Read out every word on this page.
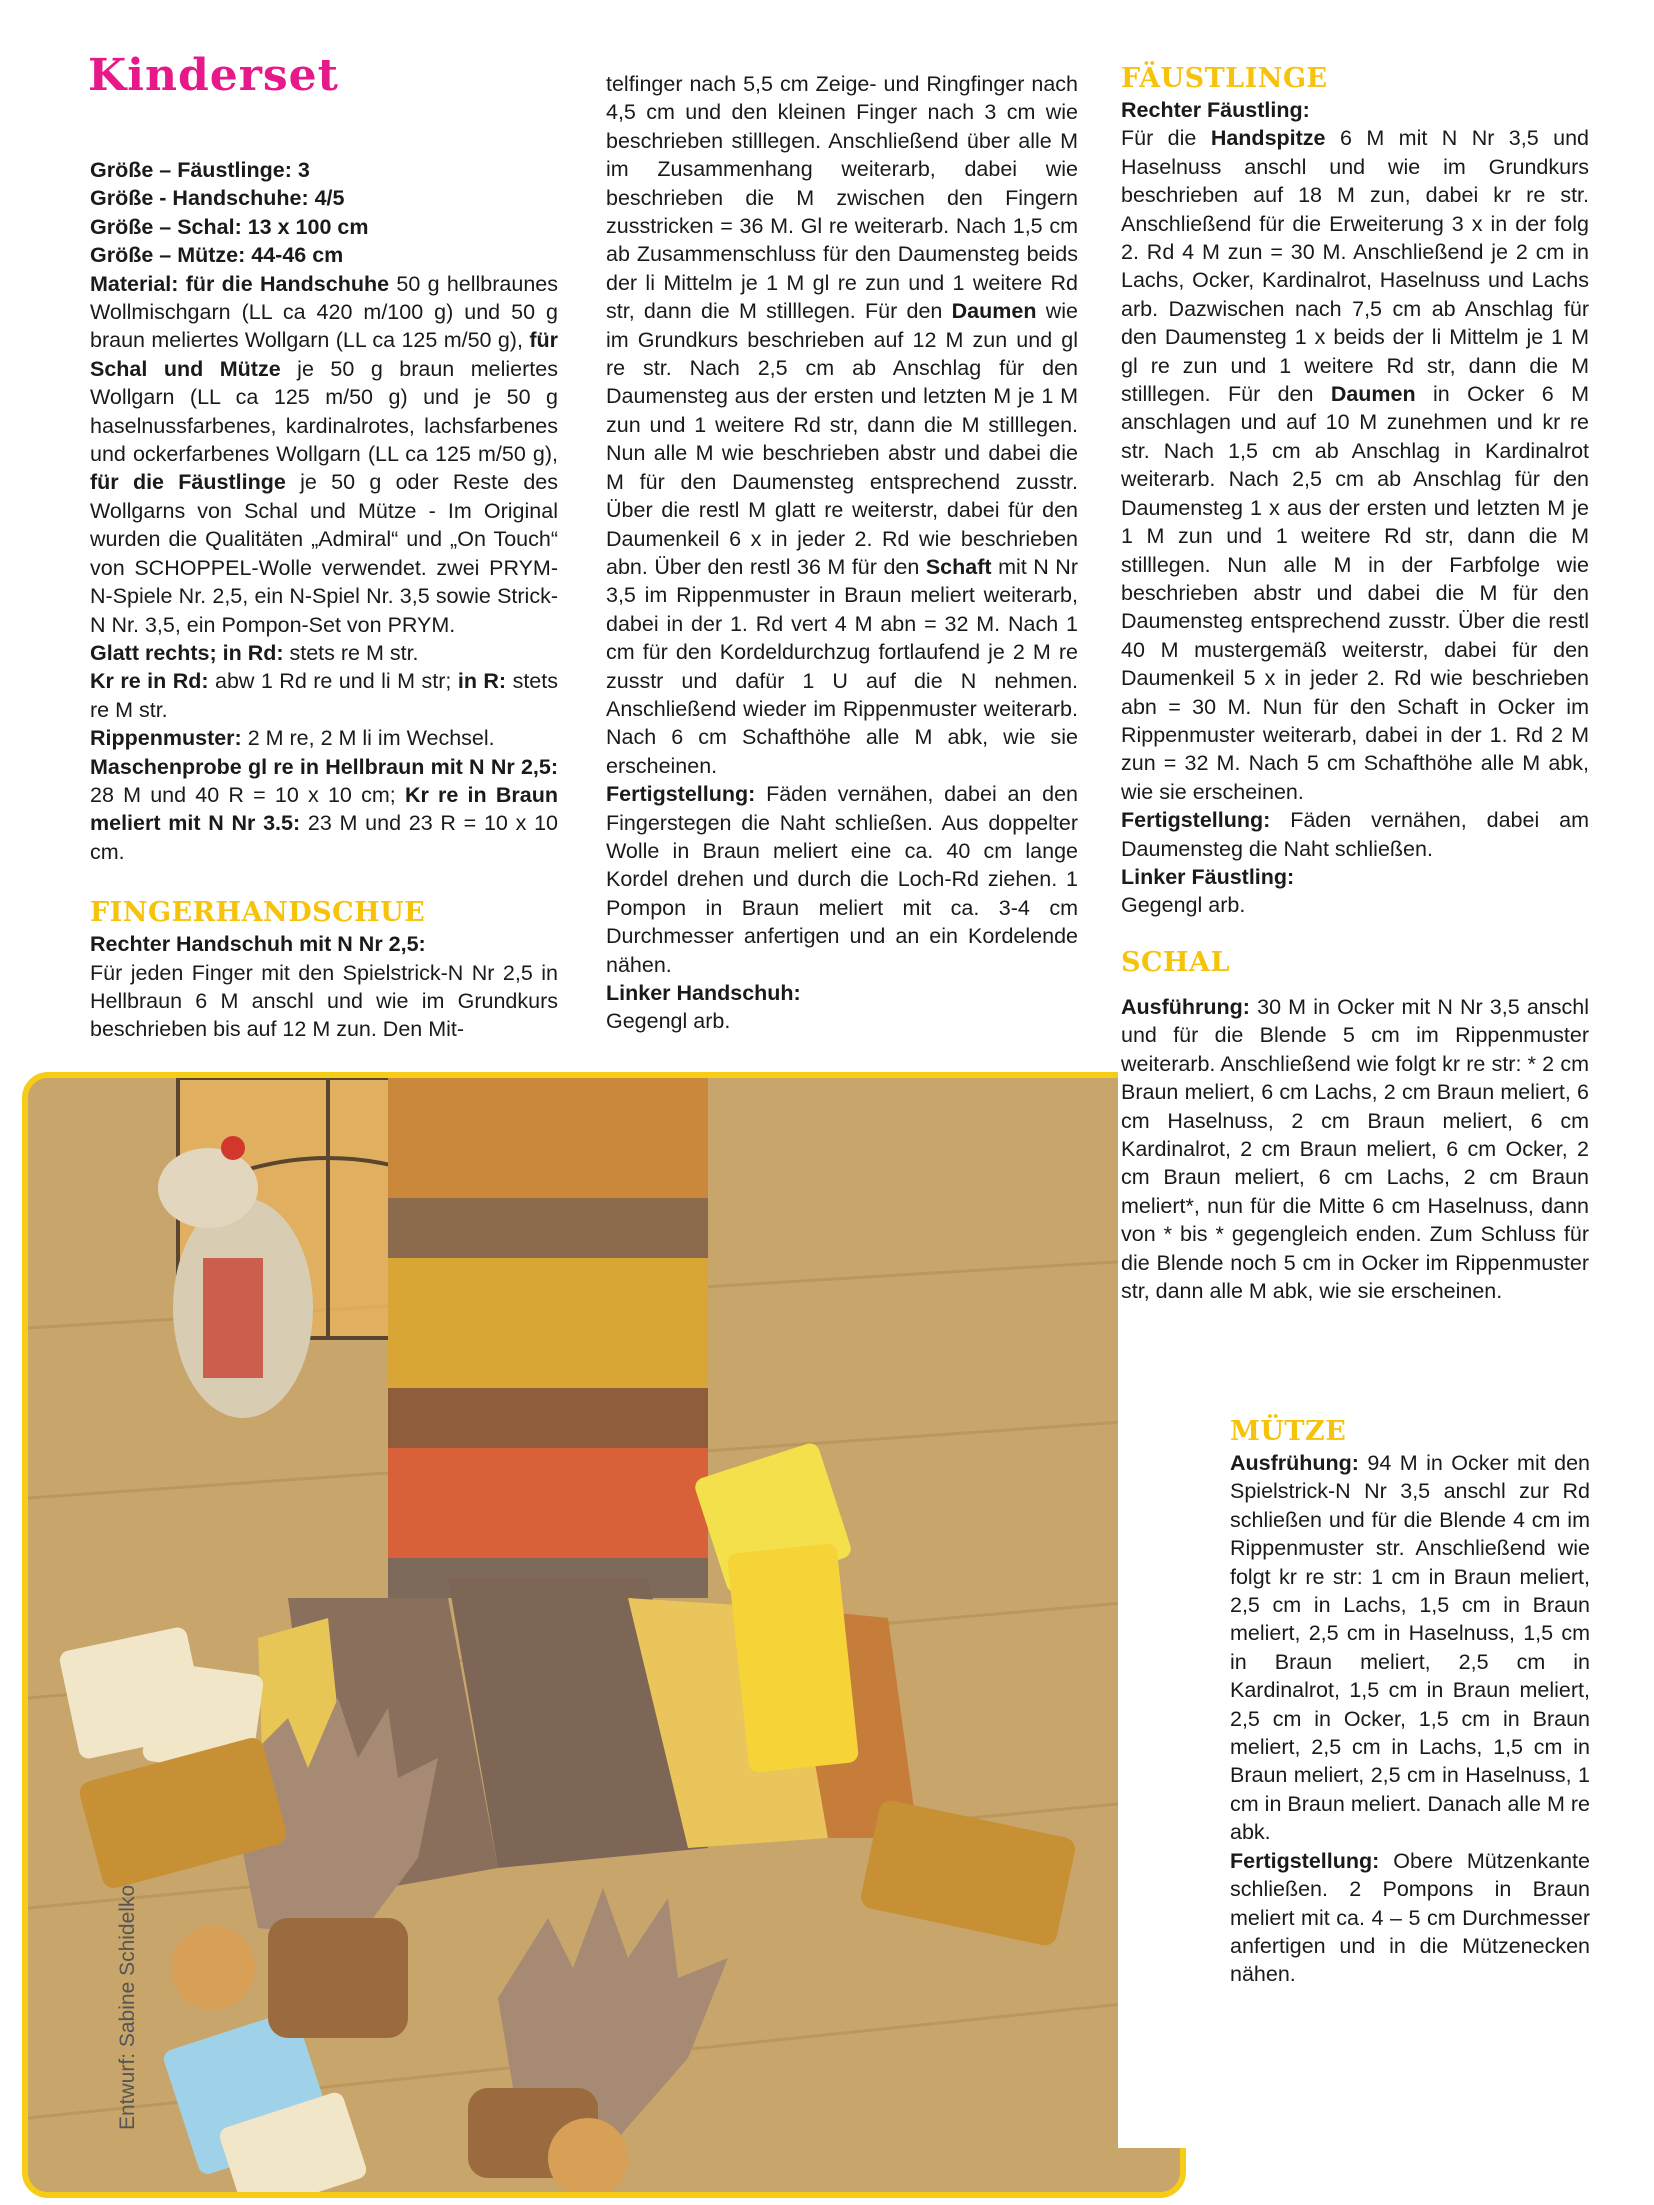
Kinderset

Größe – Fäustlinge: 3

Größe - Handschuhe: 4/5

Größe – Schal: 13 x 100 cm

Größe – Mütze: 44-46 cm

Material: für die Handschuhe 50 g hellbraunes Wollmischgarn (LL ca 420 m/100 g) und 50 g braun meliertes Wollgarn (LL ca 125 m/50 g), für Schal und Mütze je 50 g braun meliertes Wollgarn (LL ca 125 m/50 g) und je 50 g haselnussfarbenes, kardinalrotes, lachsfarbenes und ockerfarbenes Wollgarn (LL ca 125 m/50 g), für die Fäustlinge je 50 g oder Reste des Wollgarns von Schal und Mütze - Im Original wurden die Qualitäten „Admiral“ und „On Touch“ von SCHOPPEL-Wolle verwendet. zwei PRYM-N-Spiele Nr. 2,5, ein N-Spiel Nr. 3,5 sowie Strick-N Nr. 3,5, ein Pompon-Set von PRYM.

Glatt rechts; in Rd: stets re M str.

Kr re in Rd: abw 1 Rd re und li M str; in R: stets re M str.

Rippenmuster: 2 M re, 2 M li im Wechsel.

Maschenprobe gl re in Hellbraun mit N Nr 2,5: 28 M und 40 R = 10 x 10 cm; Kr re in Braun meliert mit N Nr 3.5: 23 M und 23 R = 10 x 10 cm.

FINGERHANDSCHUE

Rechter Handschuh mit N Nr 2,5:

Für jeden Finger mit den Spielstrick-N Nr 2,5 in Hellbraun 6 M anschl und wie im Grundkurs beschrieben bis auf 12 M zun. Den Mit-

telfinger nach 5,5 cm Zeige- und Ringfinger nach 4,5 cm und den kleinen Finger nach 3 cm wie beschrieben stilllegen. Anschließend über alle M im Zusammenhang weiterarb, dabei wie beschrieben die M zwischen den Fingern zusstricken = 36 M. Gl re weiterarb. Nach 1,5 cm ab Zusammenschluss für den Daumensteg beids der li Mittelm je 1 M gl re zun und 1 weitere Rd str, dann die M stilllegen. Für den Daumen wie im Grundkurs beschrieben auf 12 M zun und gl re str. Nach 2,5 cm ab Anschlag für den Daumensteg aus der ersten und letzten M je 1 M zun und 1 weitere Rd str, dann die M stilllegen. Nun alle M wie beschrieben abstr und dabei die M für den Daumensteg entsprechend zusstr. Über die restl M glatt re weiterstr, dabei für den Daumenkeil 6 x in jeder 2. Rd wie beschrieben abn. Über den restl 36 M für den Schaft mit N Nr 3,5 im Rippenmuster in Braun meliert weiterarb, dabei in der 1. Rd vert 4 M abn = 32 M. Nach 1 cm für den Kordeldurchzug fortlaufend je 2 M re zusstr und dafür 1 U auf die N nehmen. Anschließend wieder im Rippenmuster weiterarb. Nach 6 cm Schafthöhe alle M abk, wie sie erscheinen.

Fertigstellung: Fäden vernähen, dabei an den Fingerstegen die Naht schließen. Aus doppelter Wolle in Braun meliert eine ca. 40 cm lange Kordel drehen und durch die Loch-Rd ziehen. 1 Pompon in Braun meliert mit ca. 3-4 cm Durchmesser anfertigen und an ein Kordelende nähen.

Linker Handschuh:

Gegengl arb.

FÄUSTLINGE

Rechter Fäustling:

Für die Handspitze 6 M mit N Nr 3,5 und Haselnuss anschl und wie im Grundkurs beschrieben auf 18 M zun, dabei kr re str. Anschließend für die Erweiterung 3 x in der folg 2. Rd 4 M zun = 30 M. Anschließend je 2 cm in Lachs, Ocker, Kardinalrot, Haselnuss und Lachs arb. Dazwischen nach 7,5 cm ab Anschlag für den Daumensteg 1 x beids der li Mittelm je 1 M gl re zun und 1 weitere Rd str, dann die M stilllegen. Für den Daumen in Ocker 6 M anschlagen und auf 10 M zunehmen und kr re str. Nach 1,5 cm ab Anschlag in Kardinalrot weiterarb. Nach 2,5 cm ab Anschlag für den Daumensteg 1 x aus der ersten und letzten M je 1 M zun und 1 weitere Rd str, dann die M stilllegen. Nun alle M in der Farbfolge wie beschrieben abstr und dabei die M für den Daumensteg entsprechend zusstr. Über die restl 40 M mustergemäß weiterstr, dabei für den Daumenkeil 5 x in jeder 2. Rd wie beschrieben abn = 30 M. Nun für den Schaft in Ocker im Rippenmuster weiterarb, dabei in der 1. Rd 2 M zun = 32 M. Nach 5 cm Schafthöhe alle M abk, wie sie erscheinen.

Fertigstellung: Fäden vernähen, dabei am Daumensteg die Naht schließen.

Linker Fäustling:

Gegengl arb.

SCHAL

Ausführung: 30 M in Ocker mit N Nr 3,5 anschl und für die Blende 5 cm im Rippenmuster weiterarb. Anschließend wie folgt kr re str: * 2 cm Braun meliert, 6 cm Lachs, 2 cm Braun meliert, 6 cm Haselnuss, 2 cm Braun meliert, 6 cm Kardinalrot, 2 cm Braun meliert, 6 cm Ocker, 2 cm Braun meliert, 6 cm Lachs, 2 cm Braun meliert*, nun für die Mitte 6 cm Haselnuss, dann von * bis * gegengleich enden. Zum Schluss für die Blende noch 5 cm in Ocker im Rippenmuster str, dann alle M abk, wie sie erscheinen.

MÜTZE

Ausfrühung: 94 M in Ocker mit den Spielstrick-N Nr 3,5 anschl zur Rd schließen und für die Blende 4 cm im Rippenmuster str. Anschließend wie folgt kr re str: 1 cm in Braun meliert, 2,5 cm in Lachs, 1,5 cm in Braun meliert, 2,5 cm in Haselnuss, 1,5 cm in Braun meliert, 2,5 cm in Kardinalrot, 1,5 cm in Braun meliert, 2,5 cm in Ocker, 1,5 cm in Braun meliert, 2,5 cm in Lachs, 1,5 cm in Braun meliert, 2,5 cm in Haselnuss, 1 cm in Braun meliert. Danach alle M re abk.

Fertigstellung: Obere Mützenkante schließen. 2 Pompons in Braun meliert mit ca. 4 – 5 cm Durchmesser anfertigen und in die Mützenecken nähen.

Entwurf: Sabine Schidelko
